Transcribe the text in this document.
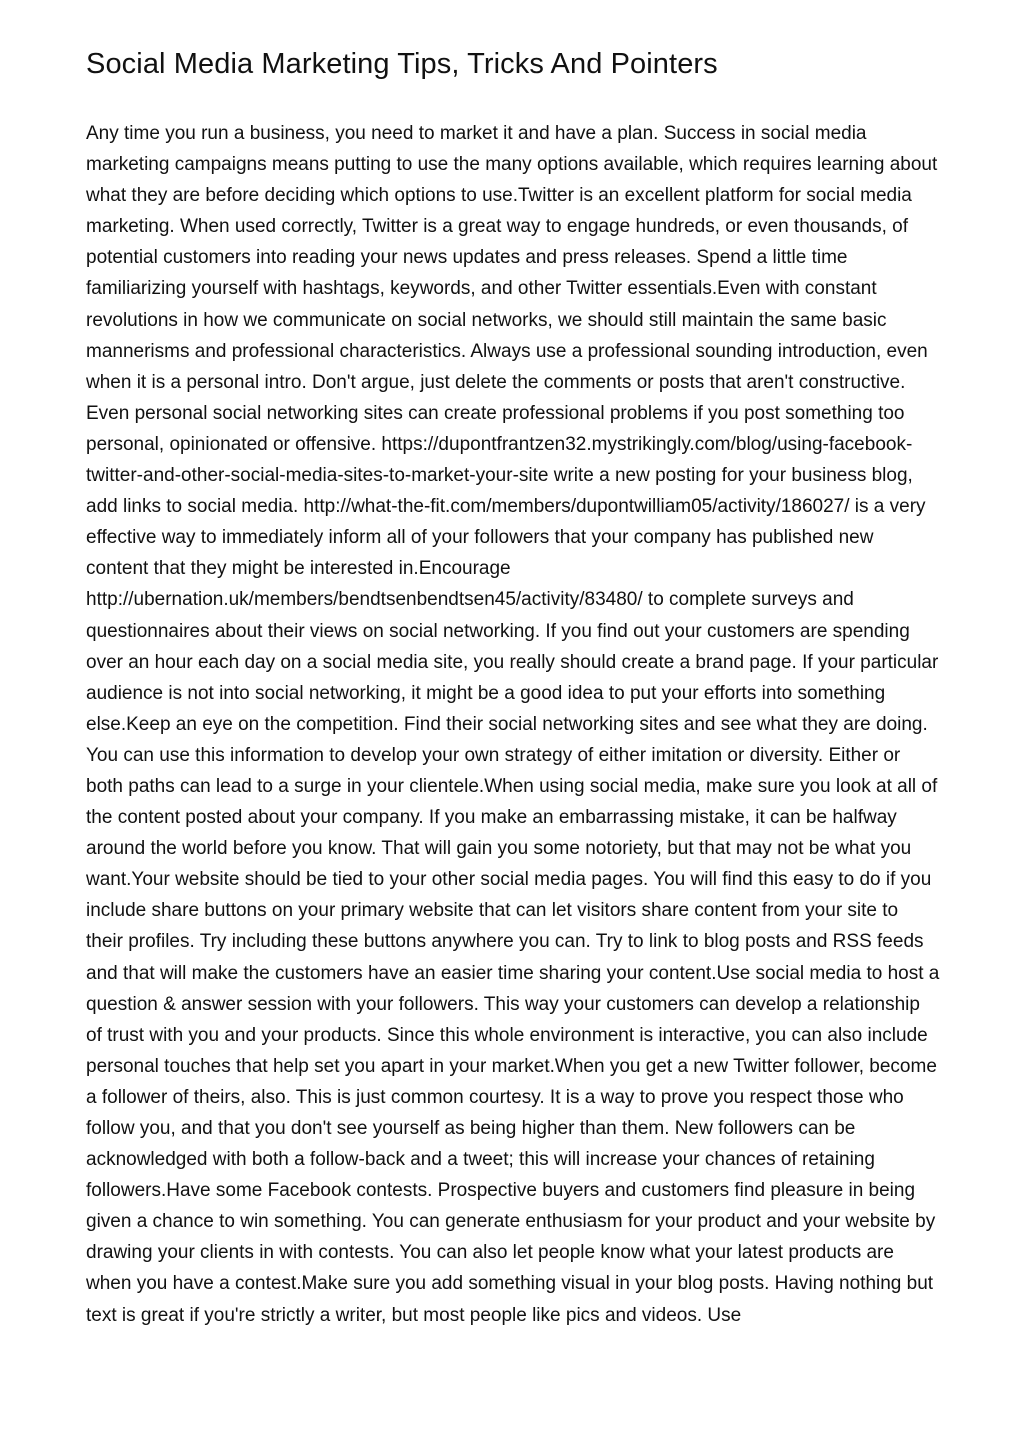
Social Media Marketing Tips, Tricks And Pointers

Any time you run a business, you need to market it and have a plan. Success in social media marketing campaigns means putting to use the many options available, which requires learning about what they are before deciding which options to use.Twitter is an excellent platform for social media marketing. When used correctly, Twitter is a great way to engage hundreds, or even thousands, of potential customers into reading your news updates and press releases. Spend a little time familiarizing yourself with hashtags, keywords, and other Twitter essentials.Even with constant revolutions in how we communicate on social networks, we should still maintain the same basic mannerisms and professional characteristics. Always use a professional sounding introduction, even when it is a personal intro. Don't argue, just delete the comments or posts that aren't constructive. Even personal social networking sites can create professional problems if you post something too personal, opinionated or offensive. https://dupontfrantzen32.mystrikingly.com/blog/using-facebook-twitter-and-other-social-media-sites-to-market-your-site write a new posting for your business blog, add links to social media. http://what-the-fit.com/members/dupontwilliam05/activity/186027/ is a very effective way to immediately inform all of your followers that your company has published new content that they might be interested in.Encourage http://ubernation.uk/members/bendtsenbendtsen45/activity/83480/ to complete surveys and questionnaires about their views on social networking. If you find out your customers are spending over an hour each day on a social media site, you really should create a brand page. If your particular audience is not into social networking, it might be a good idea to put your efforts into something else.Keep an eye on the competition. Find their social networking sites and see what they are doing. You can use this information to develop your own strategy of either imitation or diversity. Either or both paths can lead to a surge in your clientele.When using social media, make sure you look at all of the content posted about your company. If you make an embarrassing mistake, it can be halfway around the world before you know. That will gain you some notoriety, but that may not be what you want.Your website should be tied to your other social media pages. You will find this easy to do if you include share buttons on your primary website that can let visitors share content from your site to their profiles. Try including these buttons anywhere you can. Try to link to blog posts and RSS feeds and that will make the customers have an easier time sharing your content.Use social media to host a question & answer session with your followers. This way your customers can develop a relationship of trust with you and your products. Since this whole environment is interactive, you can also include personal touches that help set you apart in your market.When you get a new Twitter follower, become a follower of theirs, also. This is just common courtesy. It is a way to prove you respect those who follow you, and that you don't see yourself as being higher than them. New followers can be acknowledged with both a follow-back and a tweet; this will increase your chances of retaining followers.Have some Facebook contests. Prospective buyers and customers find pleasure in being given a chance to win something. You can generate enthusiasm for your product and your website by drawing your clients in with contests. You can also let people know what your latest products are when you have a contest.Make sure you add something visual in your blog posts. Having nothing but text is great if you're strictly a writer, but most people like pics and videos. Use
